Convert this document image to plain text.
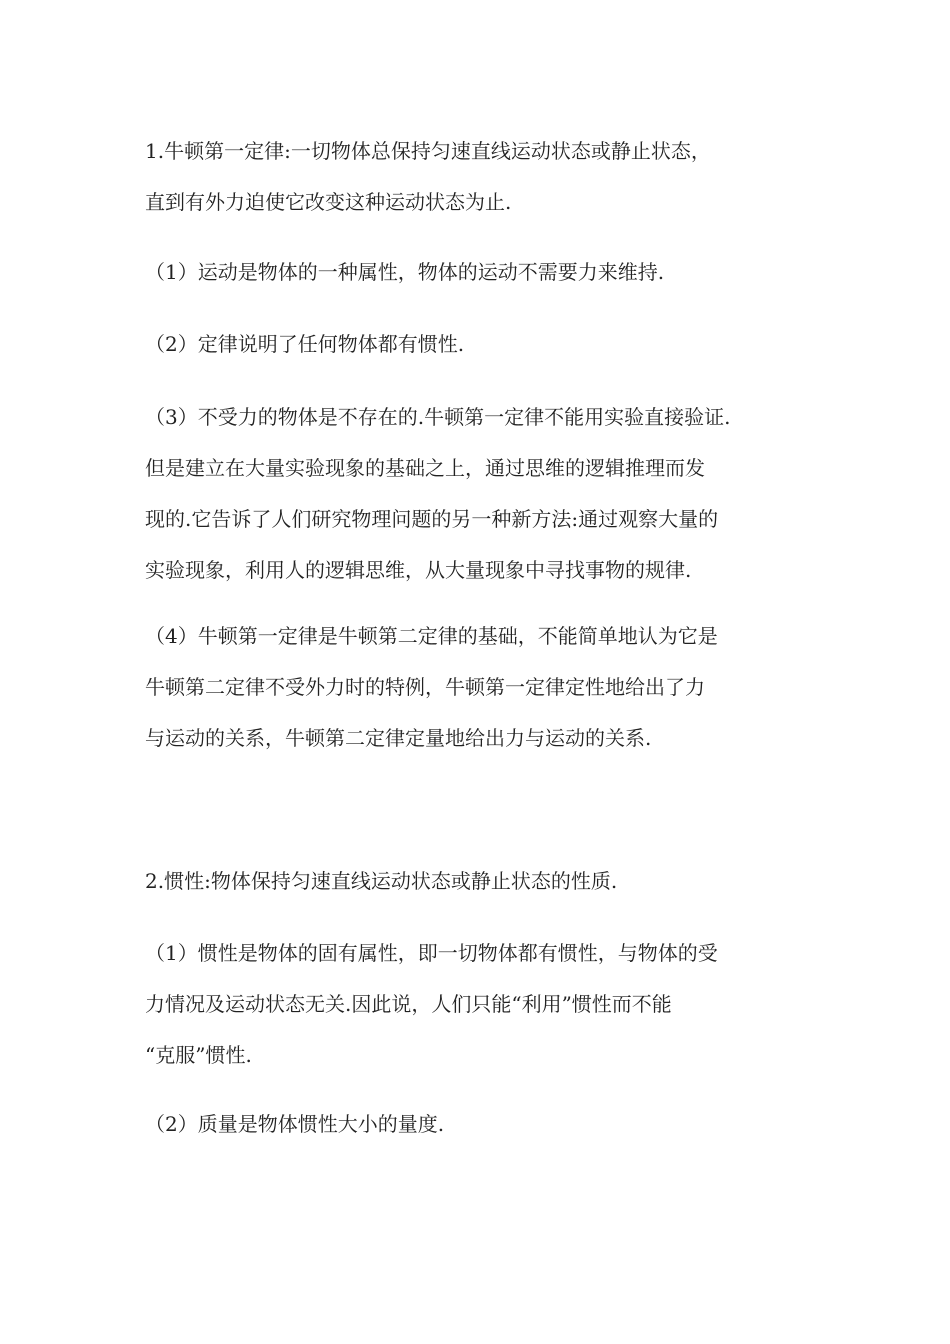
1.牛顿第一定律:一切物体总保持匀速直线运动状态或静止状态，
直到有外力迫使它改变这种运动状态为止.
（1）运动是物体的一种属性，物体的运动不需要力来维持.
（2）定律说明了任何物体都有惯性.
（3）不受力的物体是不存在的.牛顿第一定律不能用实验直接验证.
但是建立在大量实验现象的基础之上，通过思维的逻辑推理而发
现的.它告诉了人们研究物理问题的另一种新方法:通过观察大量的
实验现象，利用人的逻辑思维，从大量现象中寻找事物的规律.
（4）牛顿第一定律是牛顿第二定律的基础，不能简单地认为它是
牛顿第二定律不受外力时的特例，牛顿第一定律定性地给出了力
与运动的关系，牛顿第二定律定量地给出力与运动的关系.
2.惯性:物体保持匀速直线运动状态或静止状态的性质.
（1）惯性是物体的固有属性，即一切物体都有惯性，与物体的受
力情况及运动状态无关.因此说，人们只能“利用”惯性而不能
“克服”惯性.
（2）质量是物体惯性大小的量度.
